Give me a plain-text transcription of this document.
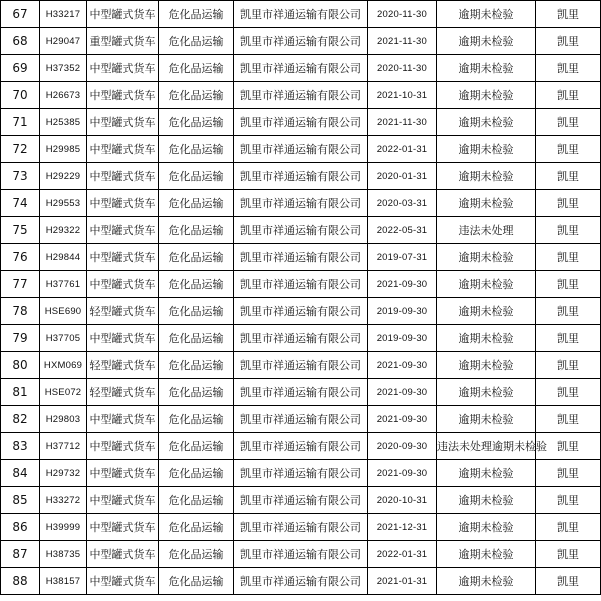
67	H33217	中型罐式货车	危化品运输	凯里市祥通运输有限公司	2020-11-30	逾期未检验	凯里
68	H29047	重型罐式货车	危化品运输	凯里市祥通运输有限公司	2021-11-30	逾期未检验	凯里
69	H37352	中型罐式货车	危化品运输	凯里市祥通运输有限公司	2020-11-30	逾期未检验	凯里
70	H26673	中型罐式货车	危化品运输	凯里市祥通运输有限公司	2021-10-31	逾期未检验	凯里
71	H25385	中型罐式货车	危化品运输	凯里市祥通运输有限公司	2021-11-30	逾期未检验	凯里
72	H29985	中型罐式货车	危化品运输	凯里市祥通运输有限公司	2022-01-31	逾期未检验	凯里
73	H29229	中型罐式货车	危化品运输	凯里市祥通运输有限公司	2020-01-31	逾期未检验	凯里
74	H29553	中型罐式货车	危化品运输	凯里市祥通运输有限公司	2020-03-31	逾期未检验	凯里
75	H29322	中型罐式货车	危化品运输	凯里市祥通运输有限公司	2022-05-31	违法未处理	凯里
76	H29844	中型罐式货车	危化品运输	凯里市祥通运输有限公司	2019-07-31	逾期未检验	凯里
77	H37761	中型罐式货车	危化品运输	凯里市祥通运输有限公司	2021-09-30	逾期未检验	凯里
78	HSE690	轻型罐式货车	危化品运输	凯里市祥通运输有限公司	2019-09-30	逾期未检验	凯里
79	H37705	中型罐式货车	危化品运输	凯里市祥通运输有限公司	2019-09-30	逾期未检验	凯里
80	HXM069	轻型罐式货车	危化品运输	凯里市祥通运输有限公司	2021-09-30	逾期未检验	凯里
81	HSE072	轻型罐式货车	危化品运输	凯里市祥通运输有限公司	2021-09-30	逾期未检验	凯里
82	H29803	中型罐式货车	危化品运输	凯里市祥通运输有限公司	2021-09-30	逾期未检验	凯里
83	H37712	中型罐式货车	危化品运输	凯里市祥通运输有限公司	2020-09-30	违法未处理逾期未检验	凯里
84	H29732	中型罐式货车	危化品运输	凯里市祥通运输有限公司	2021-09-30	逾期未检验	凯里
85	H33272	中型罐式货车	危化品运输	凯里市祥通运输有限公司	2020-10-31	逾期未检验	凯里
86	H39999	中型罐式货车	危化品运输	凯里市祥通运输有限公司	2021-12-31	逾期未检验	凯里
87	H38735	中型罐式货车	危化品运输	凯里市祥通运输有限公司	2022-01-31	逾期未检验	凯里
88	H38157	中型罐式货车	危化品运输	凯里市祥通运输有限公司	2021-01-31	逾期未检验	凯里
